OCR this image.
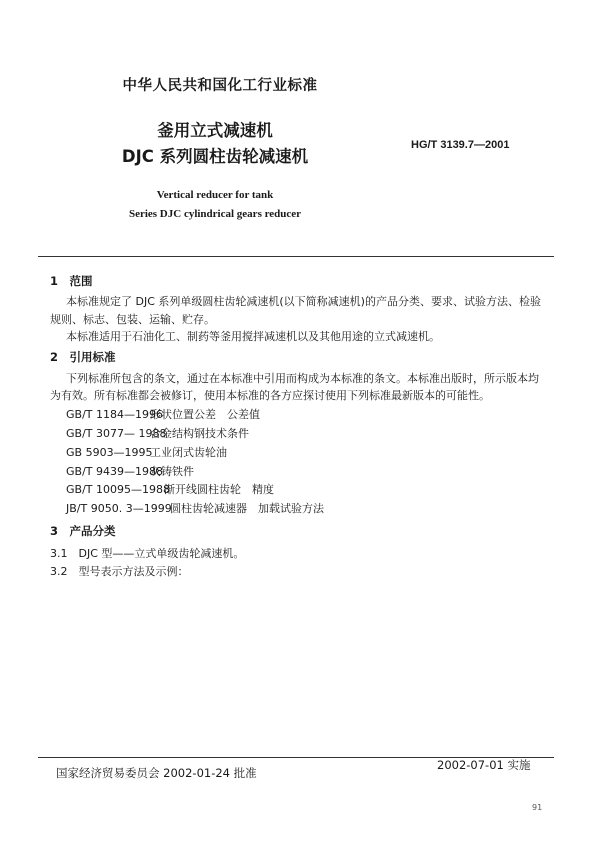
中华人民共和国化工行业标准
釜用立式减速机
DJC 系列圆柱齿轮减速机
HG/T 3139.7—2001
Vertical reducer for tank
Series DJC cylindrical gears reducer
1　范围
本标准规定了 DJC 系列单级圆柱齿轮减速机(以下简称减速机)的产品分类、要求、试验方法、检验
规则、标志、包装、运输、贮存。
本标准适用于石油化工、制药等釜用搅拌减速机以及其他用途的立式减速机。
2　引用标准
下列标准所包含的条文，通过在本标准中引用而构成为本标准的条文。本标准出版时，所示版本均
为有效。所有标准都会被修订，使用本标准的各方应探讨使用下列标准最新版本的可能性。
GB/T 1184—1996形状位置公差　公差值
GB/T 3077— 1988合金结构钢技术条件
GB 5903—1995工业闭式齿轮油
GB/T 9439—1988灰铸铁件
GB/T 10095—1988渐开线圆柱齿轮　精度
JB/T 9050. 3—1999圆柱齿轮减速器　加载试验方法
3　产品分类
3.1　DJC 型——立式单级齿轮减速机。
3.2　型号表示方法及示例：
国家经济贸易委员会 2002-01-24 批准
2002-07-01 实施
91
